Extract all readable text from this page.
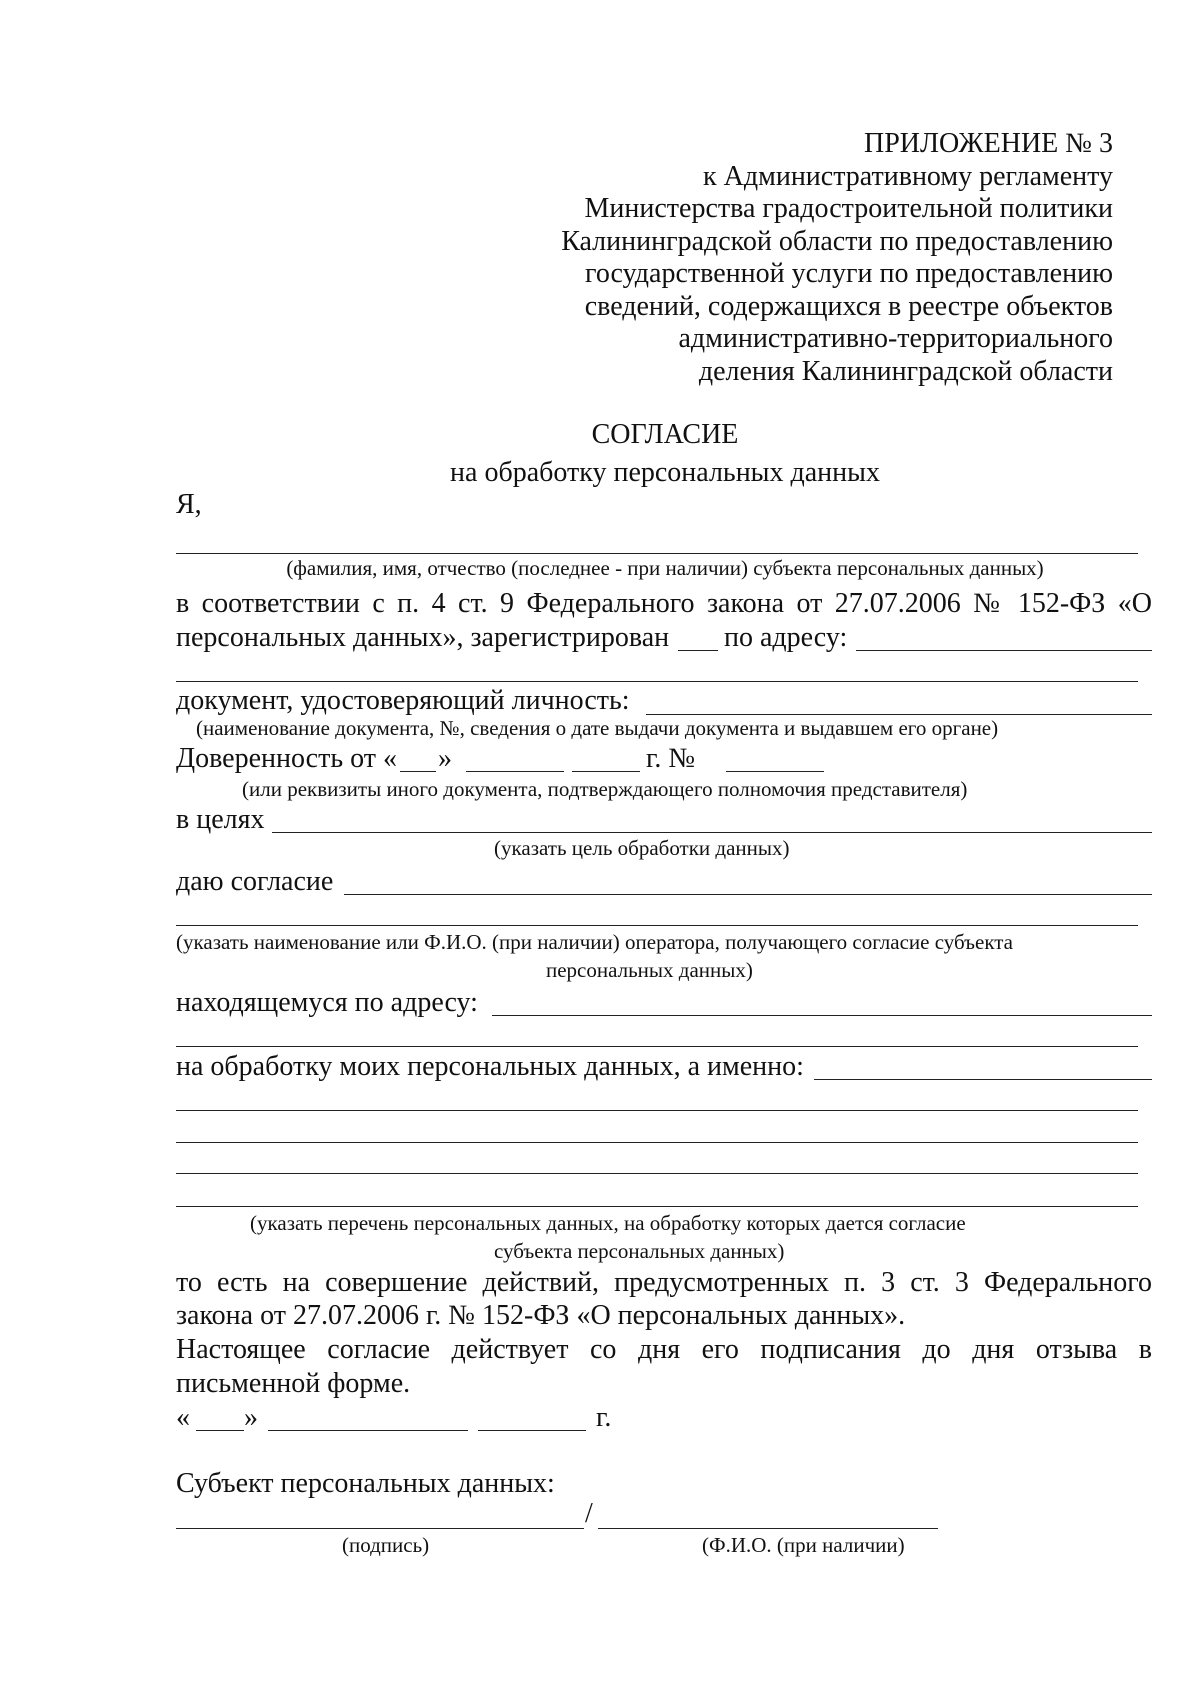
ПРИЛОЖЕНИЕ № 3
к Административному регламенту
Министерства градостроительной политики
Калининградской области по предоставлению
государственной услуги по предоставлению
сведений, содержащихся в реестре объектов
административно-территориального
деления Калининградской области
СОГЛАСИЕ
на обработку персональных данных
Я,
(фамилия, имя, отчество (последнее - при наличии) субъекта персональных данных)
в соответствии с п. 4 ст. 9 Федерального закона от 27.07.2006 № 152-ФЗ «О
персональных данных», зарегистрирован по адресу:
документ, удостоверяющий личность:
(наименование документа, №, сведения о дате выдачи документа и выдавшем его органе)
Доверенность от « »	г. №
(или реквизиты иного документа, подтверждающего полномочия представителя)
в целях
(указать цель обработки данных)
даю согласие
(указать наименование или Ф.И.О. (при наличии) оператора, получающего согласие субъекта
персональных данных)
находящемуся по адресу:
на обработку моих персональных данных, а именно:
(указать перечень персональных данных, на обработку которых дается согласие
субъекта персональных данных)
то есть на совершение действий, предусмотренных п. 3 ст. 3 Федерального
закона от 27.07.2006 г. № 152-ФЗ «О персональных данных».
Настоящее согласие действует со дня его подписания до дня отзыва в
письменной форме.
« »	г.
Субъект персональных данных:
/
(подпись)	(Ф.И.О. (при наличии)
